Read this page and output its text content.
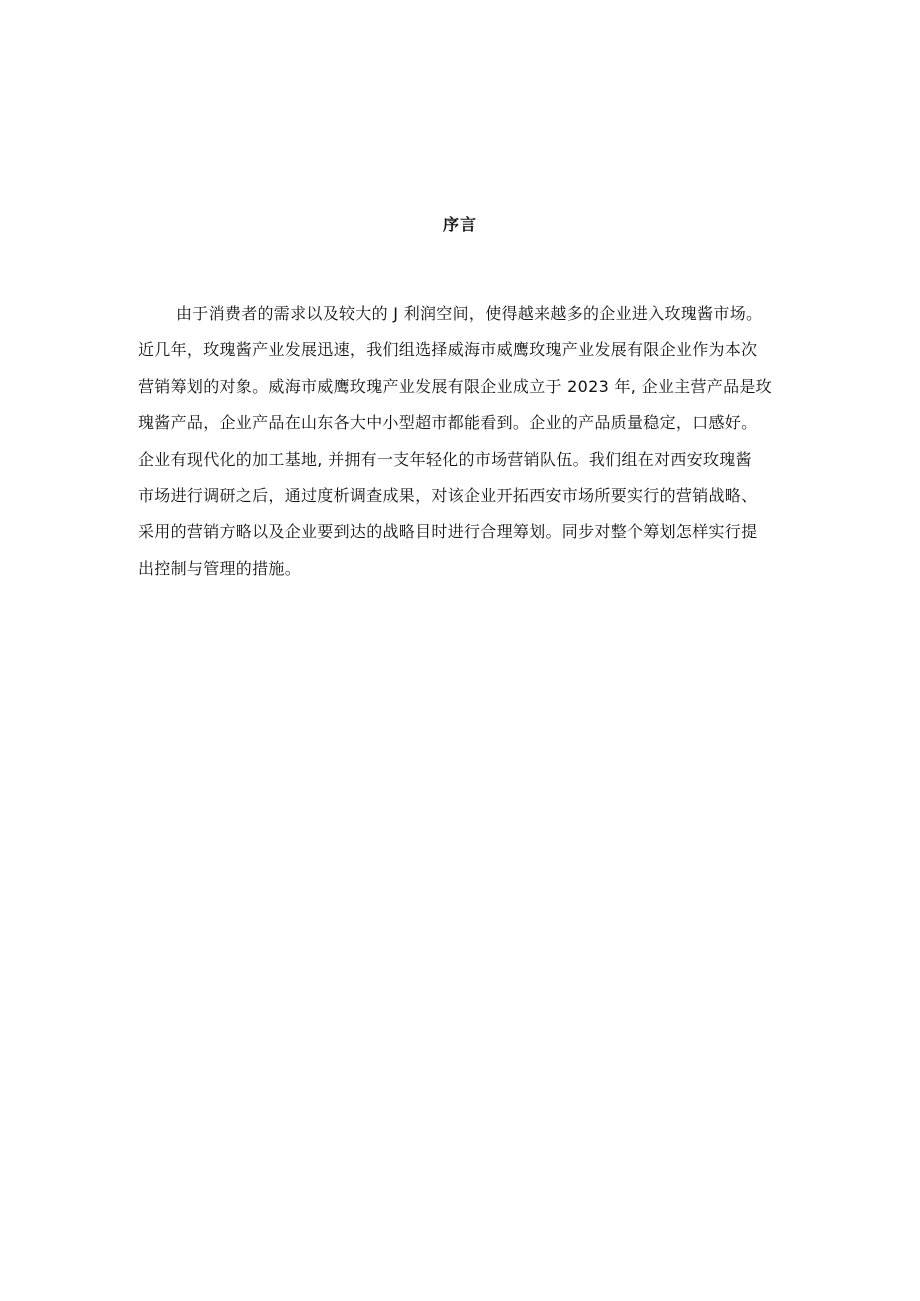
序言
由于消费者的需求以及较大的 J 利润空间，使得越来越多的企业进入玫瑰酱市场。
近几年，玫瑰酱产业发展迅速，我们组选择威海市威鹰玫瑰产业发展有限企业作为本次
营销筹划的对象。威海市威鹰玫瑰产业发展有限企业成立于 2023 年, 企业主营产品是玫
瑰酱产品，企业产品在山东各大中小型超市都能看到。企业的产品质量稳定，口感好。
企业有现代化的加工基地, 并拥有一支年轻化的市场营销队伍。我们组在对西安玫瑰酱
市场进行调研之后，通过度析调查成果，对该企业开拓西安市场所要实行的营销战略、
采用的营销方略以及企业要到达的战略目时进行合理筹划。同步对整个筹划怎样实行提
出控制与管理的措施。
